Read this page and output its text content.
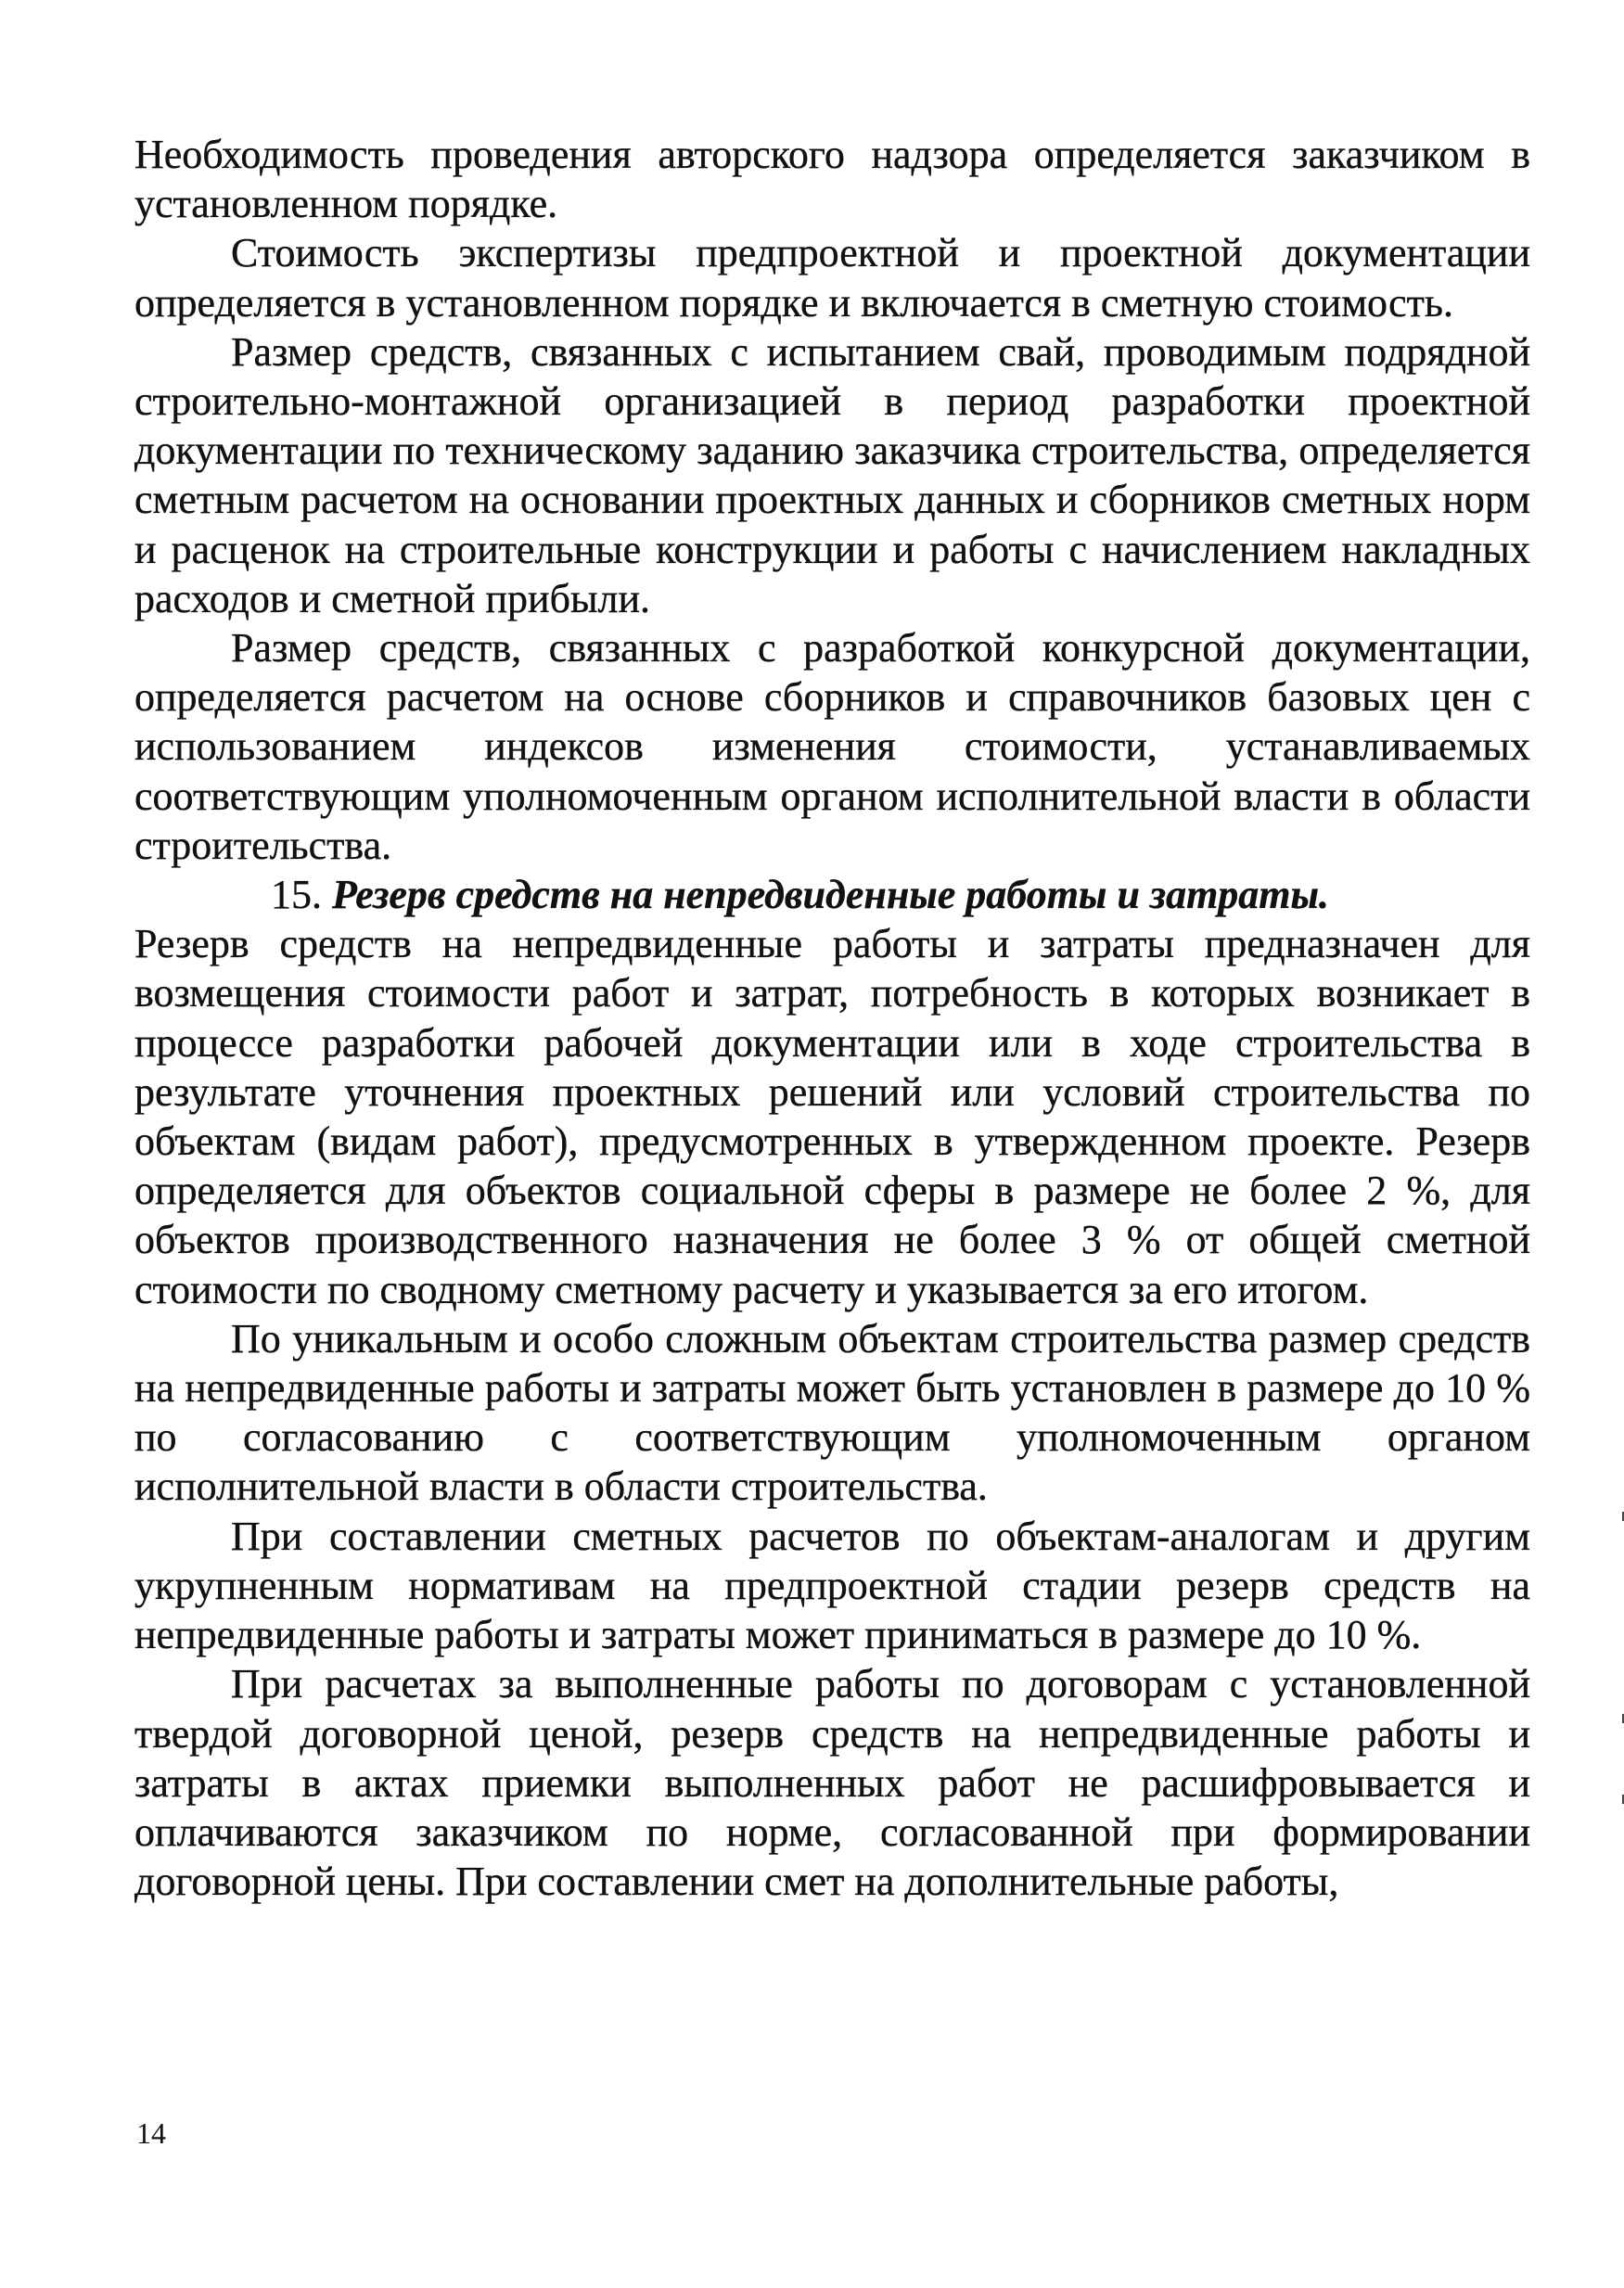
Необходимость проведения авторского надзора определяется заказчиком в установленном порядке.

Стоимость экспертизы предпроектной и проектной документации определяется в установленном порядке и включается в сметную стоимость.

Размер средств, связанных с испытанием свай, проводимым подрядной строительно-монтажной организацией в период разработки проектной документации по техническому заданию заказчика строительства, определяется сметным расчетом на основании проектных данных и сборников сметных норм и расценок на строительные конструкции и работы с начислением накладных расходов и сметной прибыли.

Размер средств, связанных с разработкой конкурсной документации, определяется расчетом на основе сборников и справочников базовых цен с использованием индексов изменения стоимости, устанавливаемых соответствующим уполномоченным органом исполнительной власти в области строительства.

15. Резерв средств на непредвиденные работы и затраты.
Резерв средств на непредвиденные работы и затраты предназначен для возмещения стоимости работ и затрат, потребность в которых возникает в процессе разработки рабочей документации или в ходе строительства в результате уточнения проектных решений или условий строительства по объектам (видам работ), предусмотренных в утвержденном проекте. Резерв определяется для объектов социальной сферы в размере не более 2 %, для объектов производственного назначения не более 3 % от общей сметной стоимости по сводному сметному расчету и указывается за его итогом.

По уникальным и особо сложным объектам строительства размер средств на непредвиденные работы и затраты может быть установлен в размере до 10 % по согласованию с соответствующим уполномоченным органом исполнительной власти в области строительства.

При составлении сметных расчетов по объектам-аналогам и другим укрупненным нормативам на предпроектной стадии резерв средств на непредвиденные работы и затраты может приниматься в размере до 10 %.

При расчетах за выполненные работы по договорам с установленной твердой договорной ценой, резерв средств на непредвиденные работы и затраты в актах приемки выполненных работ не расшифровывается и оплачиваются заказчиком по норме, согласованной при формировании договорной цены. При составлении смет на дополнительные работы,

14
